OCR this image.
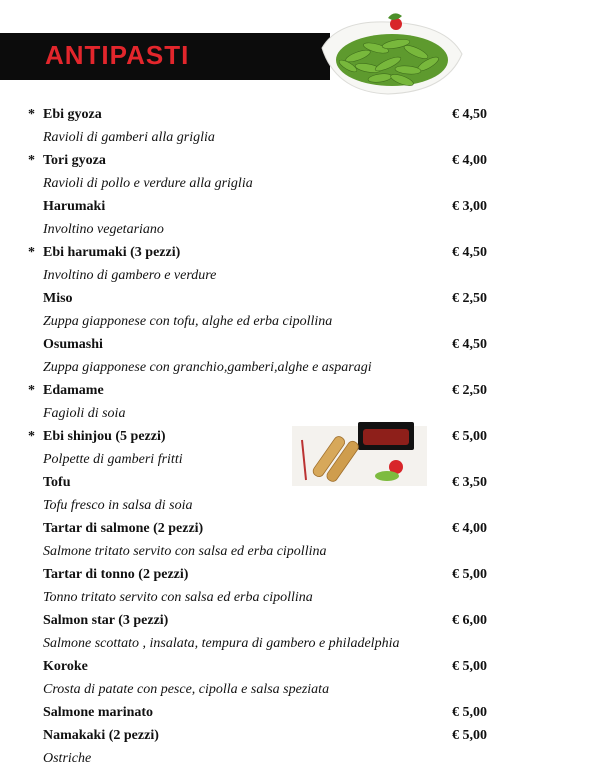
ANTIPASTI
* Ebi gyoza	€ 4,50
Ravioli di gamberi alla griglia
* Tori gyoza	€ 4,00
Ravioli di pollo e verdure alla griglia
Harumaki	€ 3,00
Involtino vegetariano
* Ebi harumaki (3 pezzi)	€ 4,50
Involtino di gambero e verdure
Miso	€ 2,50
Zuppa giapponese con tofu, alghe ed erba cipollina
Osumashi	€ 4,50
Zuppa giapponese con granchio,gamberi,alghe e asparagi
* Edamame	€ 2,50
Fagioli di soia
* Ebi shinjou (5 pezzi)	€ 5,00
Polpette di gamberi fritti
Tofu	€ 3,50
Tofu fresco in salsa di soia
Tartar di salmone (2 pezzi)	€ 4,00
Salmone tritato servito con salsa ed erba cipollina
Tartar di tonno (2 pezzi)	€ 5,00
Tonno tritato servito con salsa ed erba cipollina
Salmon star (3 pezzi)	€ 6,00
Salmone scottato , insalata, tempura di gambero e philadelphia
Koroke	€ 5,00
Crosta di patate con pesce, cipolla e salsa speziata
Salmone marinato	€ 5,00
Namakaki (2 pezzi)	€ 5,00
Ostriche
